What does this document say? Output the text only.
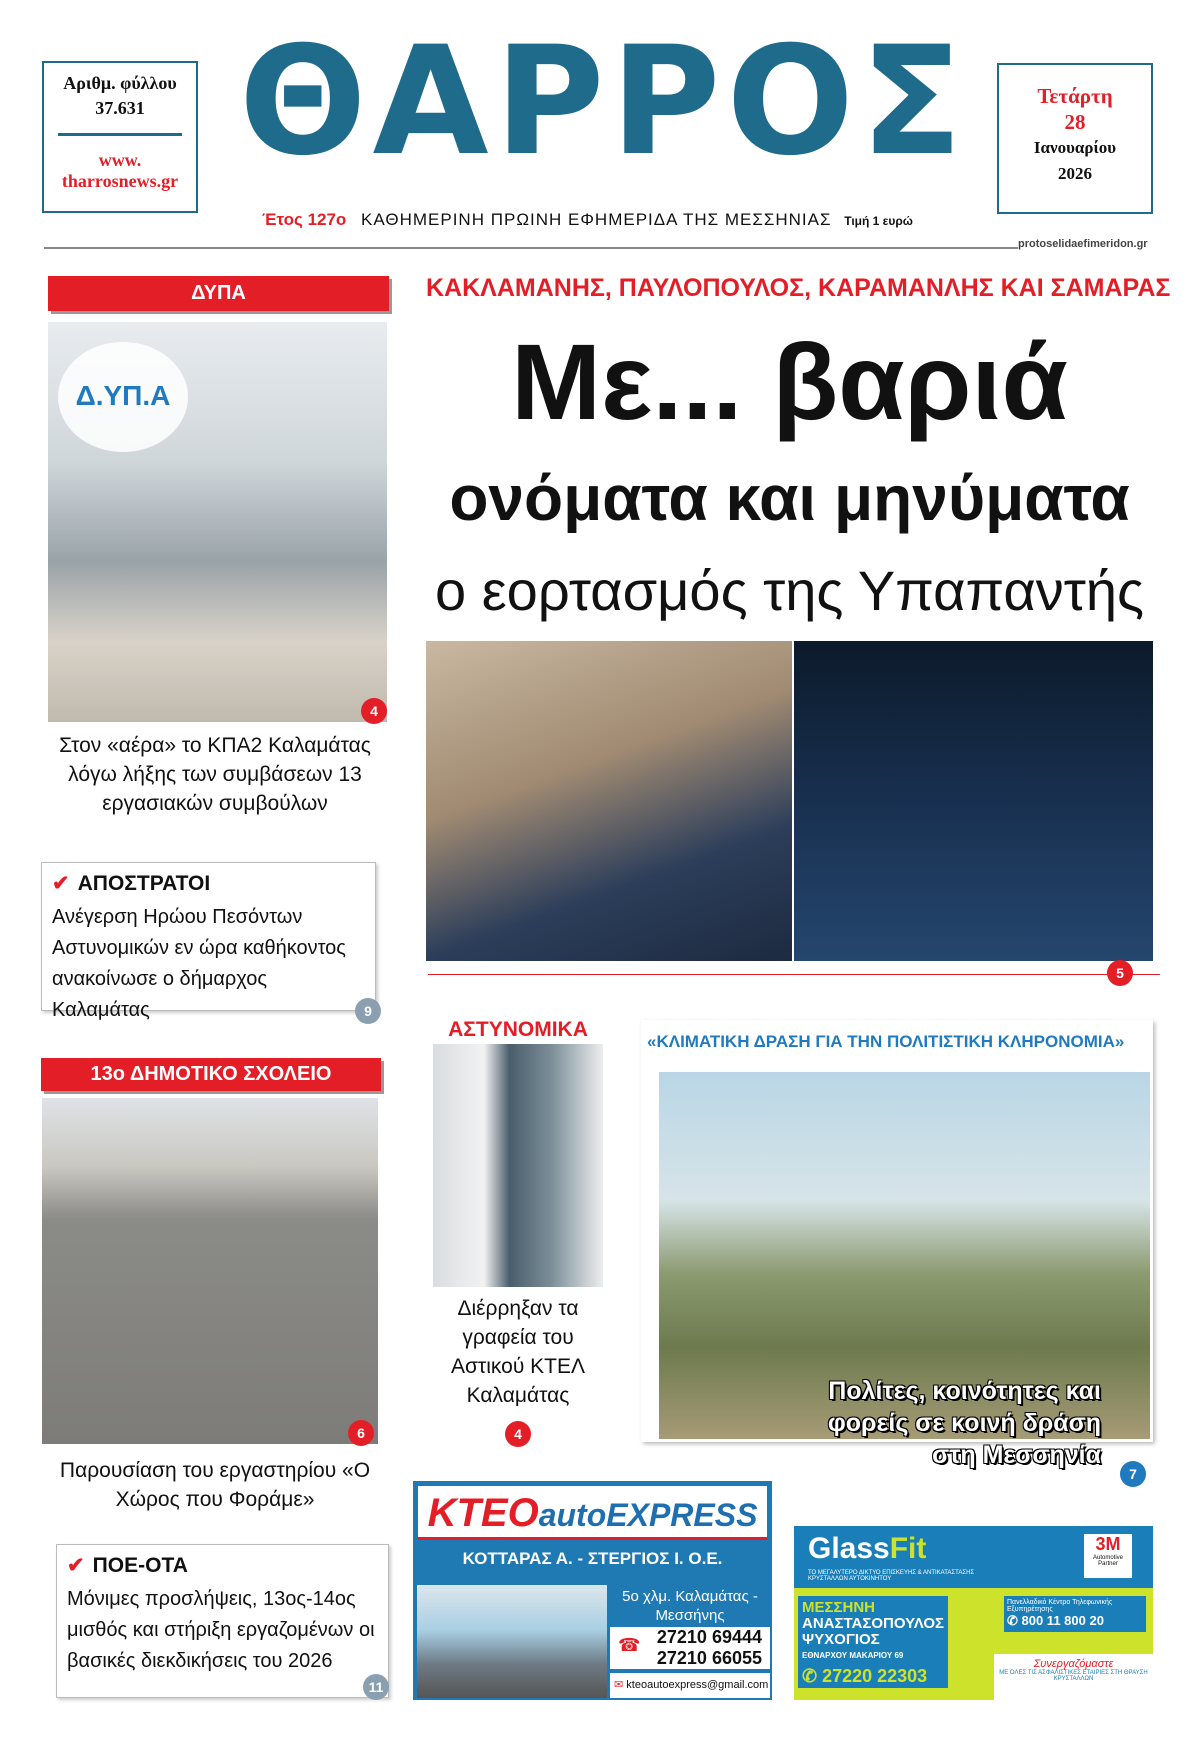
Αριθμ. φύλλου
37.631
www.
tharrosnews.gr ΘΑΡΡΟΣ	Τετάρτη
28
Ιανουαρίου
2026
Έτος 127ο ΚΑΘΗΜΕΡΙΝΗ ΠΡΩΙΝΗ ΕΦΗΜΕΡΙΔΑ ΤΗΣ ΜΕΣΣΗΝΙΑΣ Τιμή 1 ευρώ
protoselidaefimeridon.gr
ΔΥΠΑ
Δ.ΥΠ.Α
4
Στον «αέρα» το ΚΠΑ2 Καλαμάτας λόγω λήξης των συμβάσεων 13 εργασιακών συμβούλων
✔ ΑΠΟΣΤΡΑΤΟΙ

Ανέγερση Ηρώου Πεσόντων Αστυνομικών εν ώρα καθήκοντος ανακοίνωσε ο δήμαρχος Καλαμάτας	9
13ο ΔΗΜΟΤΙΚΟ ΣΧΟΛΕΙΟ
6
Παρουσίαση του εργαστηρίου «Ο Χώρος που Φοράμε»
✔ ΠΟΕ-ΟΤΑ

Μόνιμες προσλήψεις, 13ος-14ος μισθός και στήριξη εργαζομένων οι βασικές διεκδικήσεις του 2026

11
ΚΑΚΛΑΜΑΝΗΣ, ΠΑΥΛΟΠΟΥΛΟΣ, ΚΑΡΑΜΑΝΛΗΣ ΚΑΙ ΣΑΜΑΡΑΣ
Με... βαριά
ονόματα και μηνύματα
ο εορτασμός της Υπαπαντής
5
ΑΣΤΥΝΟΜΙΚΑ
Διέρρηξαν τα γραφεία του Αστικού ΚΤΕΛ Καλαμάτας
4
«ΚΛΙΜΑΤΙΚΗ ΔΡΑΣΗ ΓΙΑ ΤΗΝ ΠΟΛΙΤΙΣΤΙΚΗ ΚΛΗΡΟΝΟΜΙΑ»
Πολίτες, κοινότητες και φορείς σε κοινή δράση στη Μεσσηνία
7
KTEOautoEXPRESS
ΚΟΤΤΑΡΑΣ Α. - ΣΤΕΡΓΙΟΣ Ι. Ο.Ε.
5ο χλμ. Καλαμάτας - Μεσσήνης
☎ 27210 69444
27210 66055
✉ kteoautoexpress@gmail.com
GlassFit
ΤΟ ΜΕΓΑΛΥΤΕΡΟ ΔΙΚΤΥΟ ΕΠΙΣΚΕΥΗΣ & ΑΝΤΙΚΑΤΑΣΤΑΣΗΣ ΚΡΥΣΤΑΛΛΩΝ ΑΥΤΟΚΙΝΗΤΟΥ
3M
Automotive Partner
ΜΕΣΣΗΝΗ
ΑΝΑΣΤΑΣΟΠΟΥΛΟΣ ΨΥΧΟΓΙΟΣ
ΕΘΝΑΡΧΟΥ ΜΑΚΑΡΙΟΥ 69
✆ 27220 22303
Πανελλαδικό Κέντρο Τηλεφωνικής Εξυπηρέτησης
✆ 800 11 800 20
Συνεργαζόμαστε
ΜΕ ΟΛΕΣ ΤΙΣ ΑΣΦΑΛΙΣΤΙΚΕΣ ΕΤΑΙΡΙΕΣ ΣΤΗ ΘΡΑΥΣΗ ΚΡΥΣΤΑΛΛΩΝ
